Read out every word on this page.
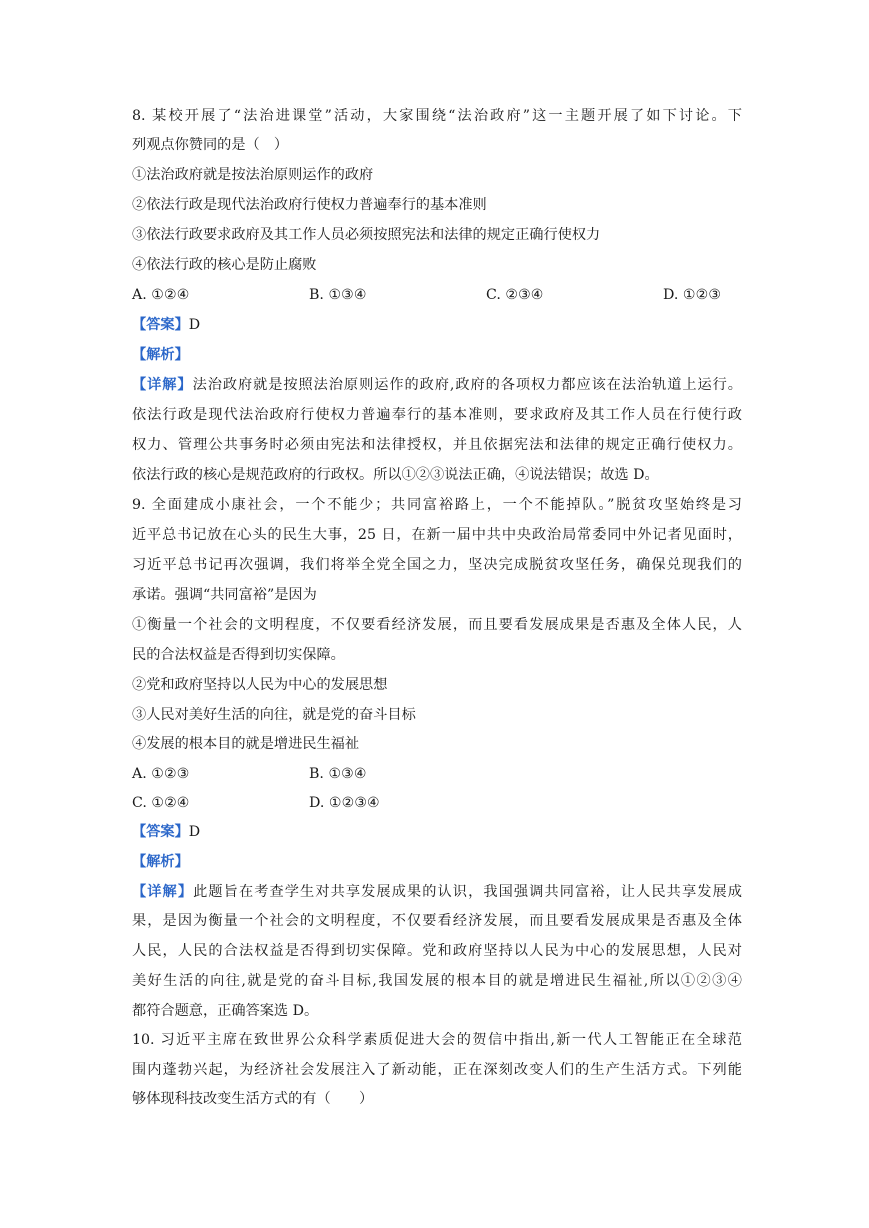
8. 某校开展了“法治进课堂”活动，大家围绕“法治政府”这一主题开展了如下讨论。下
列观点你赞同的是（　）
①法治政府就是按法治原则运作的政府
②依法行政是现代法治政府行使权力普遍奉行的基本准则
③依法行政要求政府及其工作人员必须按照宪法和法律的规定正确行使权力
④依法行政的核心是防止腐败
A. ①②④	B. ①③④	C. ②③④	D. ①②③
【答案】D
【解析】
【详解】法治政府就是按照法治原则运作的政府,政府的各项权力都应该在法治轨道上运行。
依法行政是现代法治政府行使权力普遍奉行的基本准则，要求政府及其工作人员在行使行政
权力、管理公共事务时必须由宪法和法律授权，并且依据宪法和法律的规定正确行使权力。
依法行政的核心是规范政府的行政权。所以①②③说法正确，④说法错误；故选 D。
9. 全面建成小康社会，一个不能少；共同富裕路上，一个不能掉队。”脱贫攻坚始终是习
近平总书记放在心头的民生大事，25 日，在新一届中共中央政治局常委同中外记者见面时，
习近平总书记再次强调，我们将举全党全国之力，坚决完成脱贫攻坚任务，确保兑现我们的
承诺。强调“共同富裕”是因为
①衡量一个社会的文明程度，不仅要看经济发展，而且要看发展成果是否惠及全体人民，人
民的合法权益是否得到切实保障。
②党和政府坚持以人民为中心的发展思想
③人民对美好生活的向往，就是党的奋斗目标
④发展的根本目的就是增进民生福祉
A. ①②③	B. ①③④
C. ①②④	D. ①②③④
【答案】D
【解析】
【详解】此题旨在考查学生对共享发展成果的认识，我国强调共同富裕，让人民共享发展成
果，是因为衡量一个社会的文明程度，不仅要看经济发展，而且要看发展成果是否惠及全体
人民，人民的合法权益是否得到切实保障。党和政府坚持以人民为中心的发展思想，人民对
美好生活的向往,就是党的奋斗目标,我国发展的根本目的就是增进民生福祉,所以①②③④
都符合题意，正确答案选 D。
10. 习近平主席在致世界公众科学素质促进大会的贺信中指出,新一代人工智能正在全球范
围内蓬勃兴起，为经济社会发展注入了新动能，正在深刻改变人们的生产生活方式。下列能
够体现科技改变生活方式的有（　　）
